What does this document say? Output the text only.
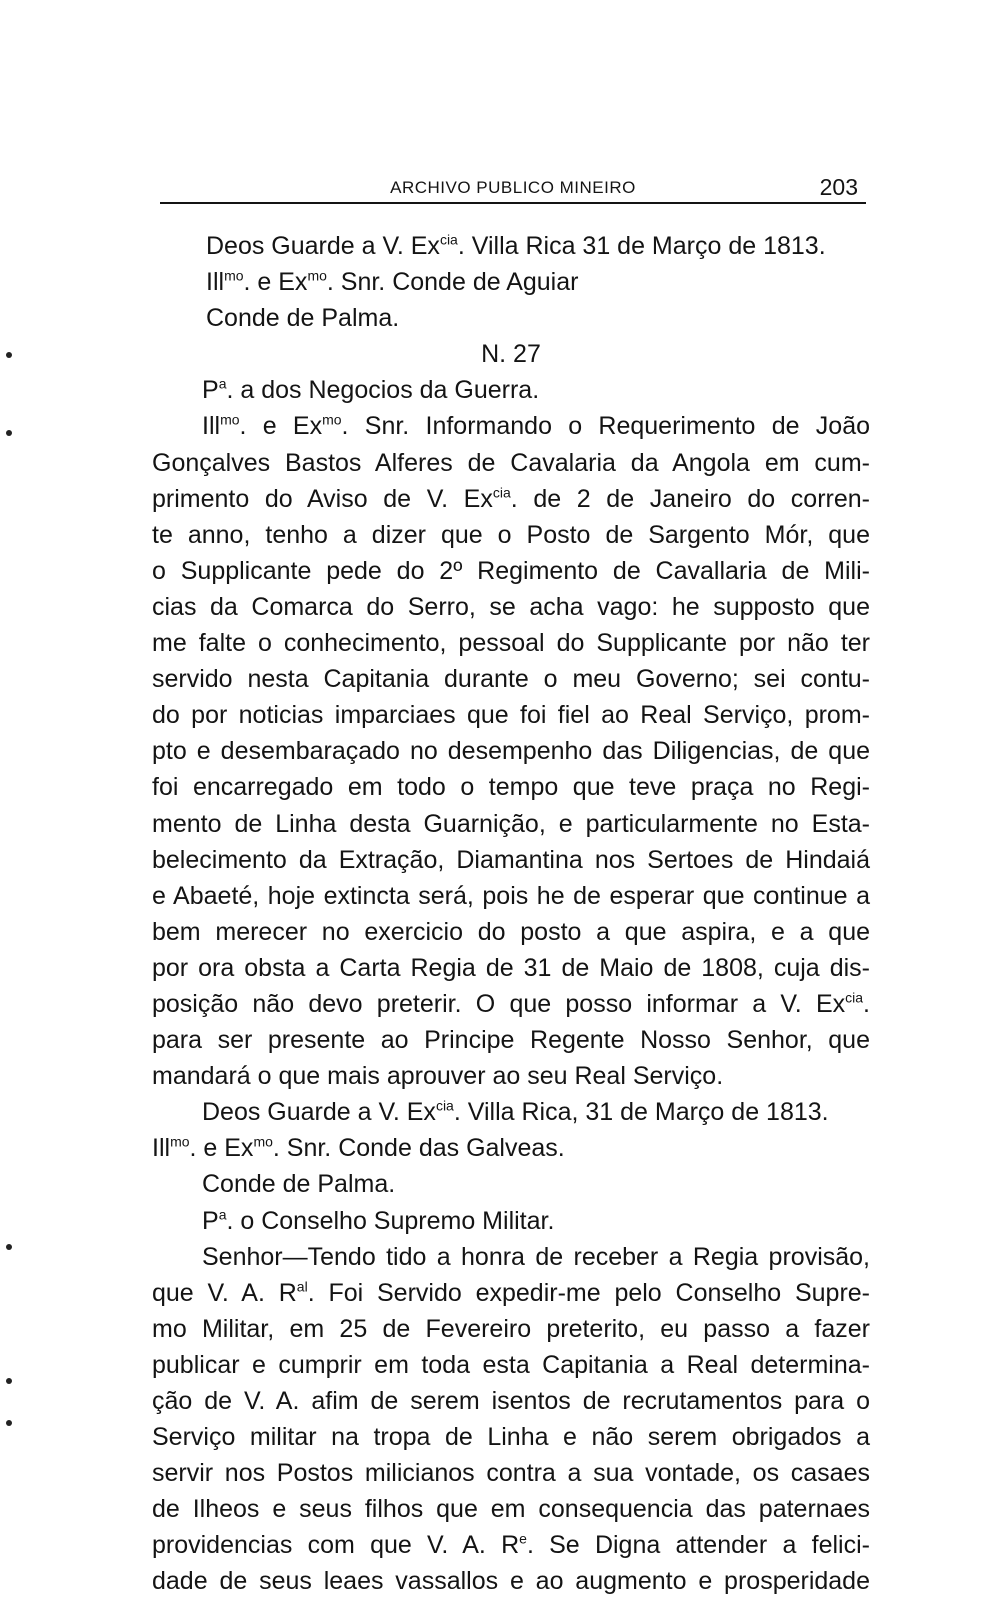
ARCHIVO PUBLICO MINEIRO	203
Deos Guarde a V. $Ex^{cia}$. Villa Rica 31 de Março de 1813.
Ill$^{mo}$. e $Ex^{mo}$. Snr. Conde de Aguiar
Conde de Palma.
N. 27
$P^a$. a dos Negocios da Guerra.
Ill$^{mo}$. e $Ex^{mo}$. Snr. Informando o Requerimento de João
Gonçalves Bastos Alferes de Cavalaria da Angola em cum-
primento do Aviso de V. $Ex^{cia}$. de 2 de Janeiro do corren-
te anno, tenho a dizer que o Posto de Sargento Mór, que
o Supplicante pede do 2º Regimento de Cavallaria de Mili-
cias da Comarca do Serro, se acha vago: he supposto que
me falte o conhecimento, pessoal do Supplicante por não ter
servido nesta Capitania durante o meu Governo; sei contu-
do por noticias imparciaes que foi fiel ao Real Serviço, prom-
pto e desembaraçado no desempenho das Diligencias, de que
foi encarregado em todo o tempo que teve praça no Regi-
mento de Linha desta Guarnição, e particularmente no Esta-
belecimento da Extração, Diamantina nos Sertoes de Hindaiá
e Abaeté, hoje extincta será, pois he de esperar que continue a
bem merecer no exercicio do posto a que aspira, e a que
por ora obsta a Carta Regia de 31 de Maio de 1808, cuja dis-
posição não devo preterir. O que posso informar a V. $Ex^{cia}$.
para ser presente ao Principe Regente Nosso Senhor, que
mandará o que mais aprouver ao seu Real Serviço.
Deos Guarde a V. $Ex^{cia}$. Villa Rica, 31 de Março de 1813.
Ill$^{mo}$. e $Ex^{mo}$. Snr. Conde das Galveas.
Conde de Palma.
$P^a$. o Conselho Supremo Militar.
Senhor—Tendo tido a honra de receber a Regia provisão,
que V. A. $R^{al}$. Foi Servido expedir-me pelo Conselho Supre-
mo Militar, em 25 de Fevereiro preterito, eu passo a fazer
publicar e cumprir em toda esta Capitania a Real determina-
ção de V. A. afim de serem isentos de recrutamentos para o
Serviço militar na tropa de Linha e não serem obrigados a
servir nos Postos milicianos contra a sua vontade, os casaes
de Ilheos e seus filhos que em consequencia das paternaes
providencias com que V. A. $R^e$. Se Digna attender a felici-
dade de seus leaes vassallos e ao augmento e prosperidade
